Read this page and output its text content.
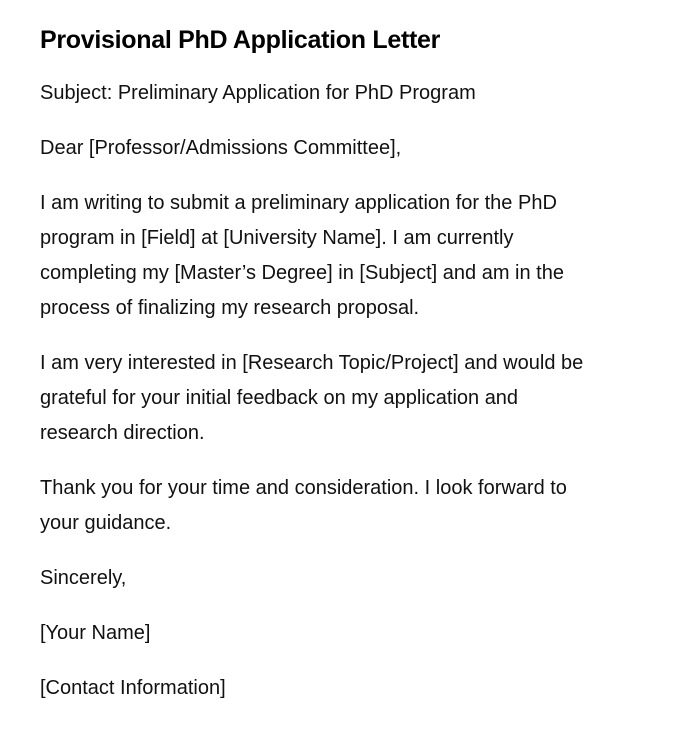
Provisional PhD Application Letter

Subject: Preliminary Application for PhD Program

Dear [Professor/Admissions Committee],

I am writing to submit a preliminary application for the PhD
program in [Field] at [University Name]. I am currently
completing my [Master’s Degree] in [Subject] and am in the
process of finalizing my research proposal.

I am very interested in [Research Topic/Project] and would be
grateful for your initial feedback on my application and
research direction.

Thank you for your time and consideration. I look forward to
your guidance.

Sincerely,

[Your Name]

[Contact Information]
